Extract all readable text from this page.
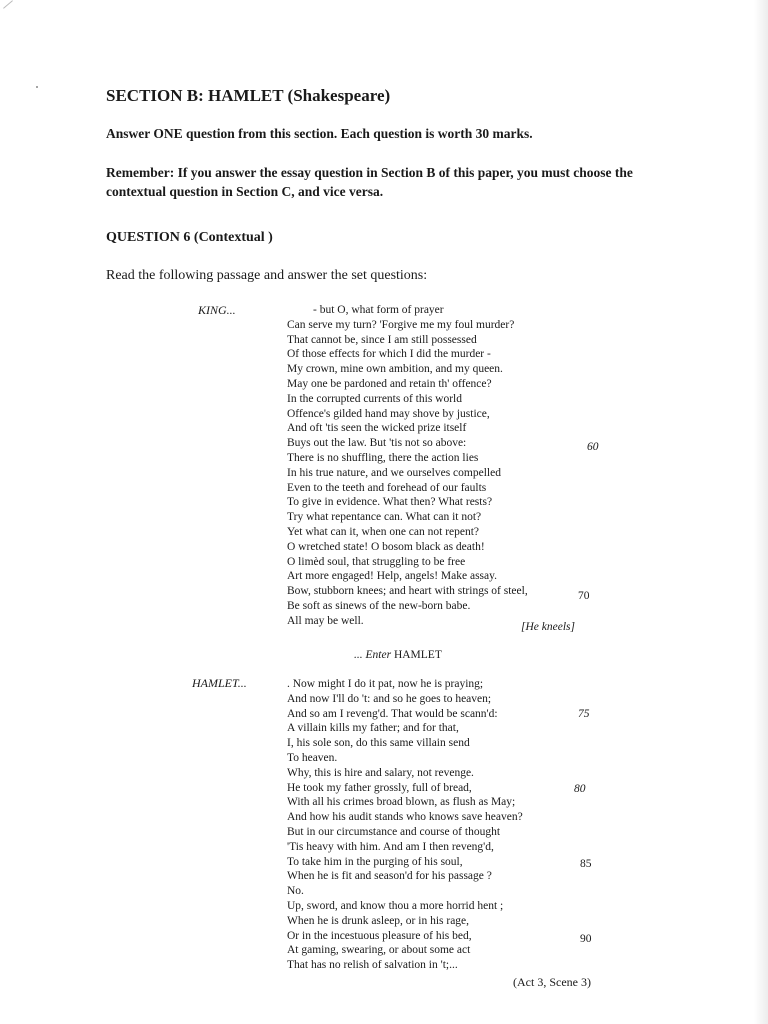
SECTION B: HAMLET (Shakespeare)

Answer ONE question from this section. Each question is worth 30 marks.

Remember: If you answer the essay question in Section B of this paper, you must choose the contextual question in Section C, and vice versa.

QUESTION 6 (Contextual )

Read the following passage and answer the set questions:

KING...	- but O, what form of prayer
Can serve my turn? 'Forgive me my foul murder?
That cannot be, since I am still possessed
Of those effects for which I did the murder -
My crown, mine own ambition, and my queen.
May one be pardoned and retain th' offence?
In the corrupted currents of this world
Offence's gilded hand may shove by justice,
And oft 'tis seen the wicked prize itself
Buys out the law. But 'tis not so above:
There is no shuffling, there the action lies
In his true nature, and we ourselves compelled
Even to the teeth and forehead of our faults
To give in evidence. What then? What rests?
Try what repentance can. What can it not?
Yet what can it, when one can not repent?
O wretched state! O bosom black as death!
O limèd soul, that struggling to be free
Art more engaged! Help, angels! Make assay.
Bow, stubborn knees; and heart with strings of steel,
Be soft as sinews of the new-born babe.
All may be well.
60
70
[He kneels]
... Enter HAMLET
HAMLET...	. Now might I do it pat, now he is praying;
And now I'll do 't: and so he goes to heaven;
And so am I reveng'd. That would be scann'd:
A villain kills my father; and for that,
I, his sole son, do this same villain send
To heaven.
Why, this is hire and salary, not revenge.
He took my father grossly, full of bread,
With all his crimes broad blown, as flush as May;
And how his audit stands who knows save heaven?
But in our circumstance and course of thought
'Tis heavy with him. And am I then reveng'd,
To take him in the purging of his soul,
When he is fit and season'd for his passage ?
No.
Up, sword, and know thou a more horrid hent ;
When he is drunk asleep, or in his rage,
Or in the incestuous pleasure of his bed,
At gaming, swearing, or about some act
That has no relish of salvation in 't;...
75
80
85
90
(Act 3, Scene 3)
